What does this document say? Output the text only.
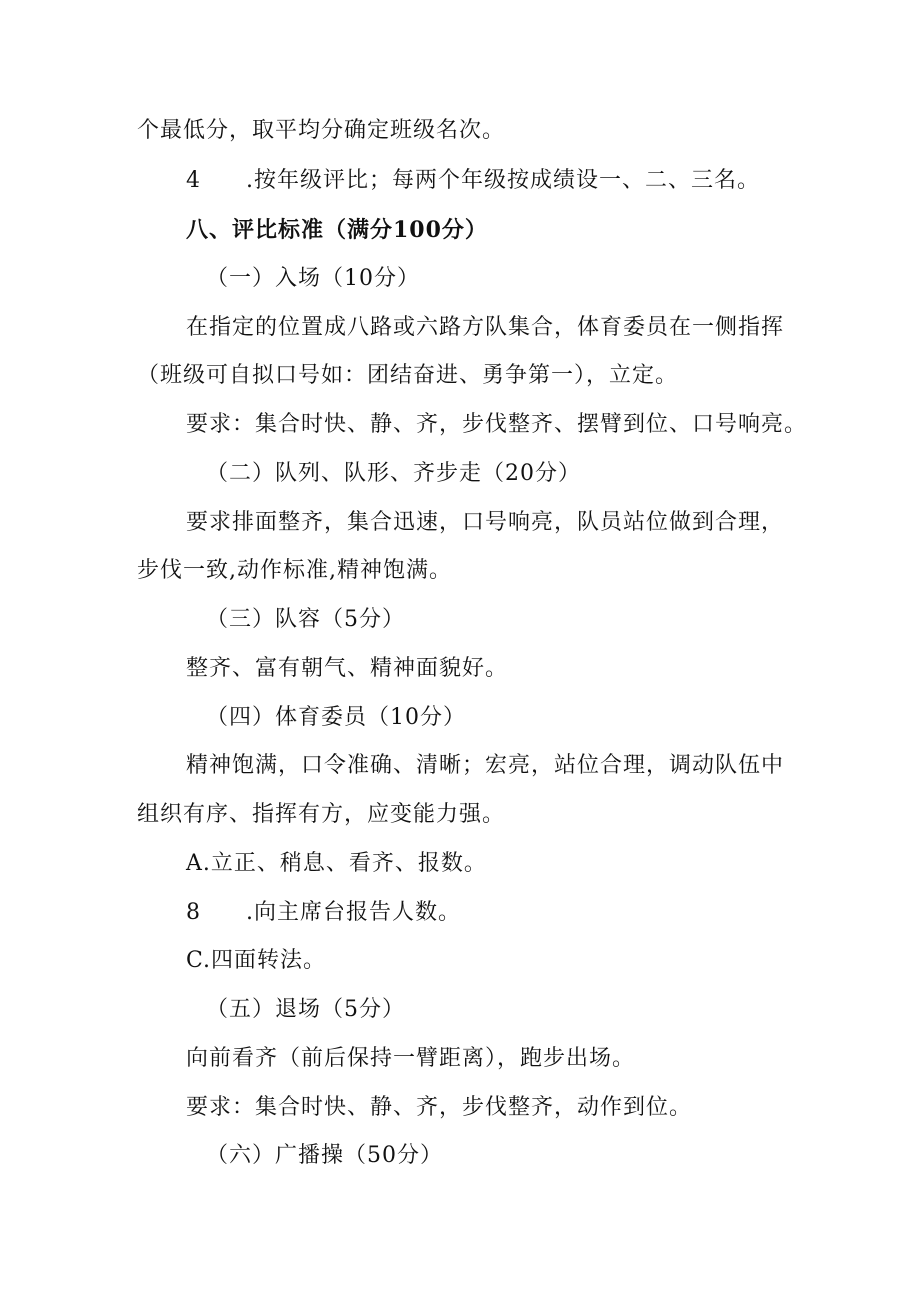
个最低分，取平均分确定班级名次。
4 .按年级评比；每两个年级按成绩设一、二、三名。
八、评比标准（满分100分）
（一）入场（10分）
在指定的位置成八路或六路方队集合，体育委员在一侧指挥
（班级可自拟口号如：团结奋进、勇争第一），立定。
要求：集合时快、静、齐，步伐整齐、摆臂到位、口号响亮。
（二）队列、队形、齐步走（20分）
要求排面整齐，集合迅速，口号响亮，队员站位做到合理，
步伐一致,动作标准,精神饱满。
（三）队容（5分）
整齐、富有朝气、精神面貌好。
（四）体育委员（10分）
精神饱满，口令准确、清晰；宏亮，站位合理，调动队伍中
组织有序、指挥有方，应变能力强。
A.立正、稍息、看齐、报数。
8 .向主席台报告人数。
C.四面转法。
（五）退场（5分）
向前看齐（前后保持一臂距离），跑步出场。
要求：集合时快、静、齐，步伐整齐，动作到位。
（六）广播操（50分）
